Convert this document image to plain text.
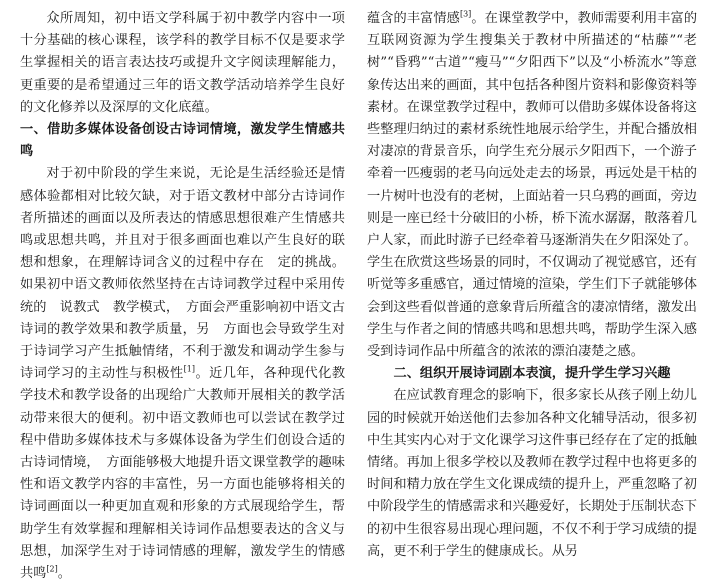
众所周知，初中语文学科属于初中教学内容中一项十分基础的核心课程，该学科的教学目标不仅是要求学生掌握相关的语言表达技巧或提升文字阅读理解能力，更重要的是希望通过三年的语文教学活动培养学生良好的文化修养以及深厚的文化底蕴。

一、借助多媒体设备创设古诗词情境，激发学生情感共鸣

对于初中阶段的学生来说，无论是生活经验还是情感体验都相对比较欠缺，对于语文教材中部分古诗词作者所描述的画面以及所表达的情感思想很难产生情感共鸣或思想共鸣，并且对于很多画面也难以产生良好的联想和想象，在理解诗词含义的过程中存在　定的挑战。如果初中语文教师依然坚持在古诗词教学过程中采用传统的　说教式　教学模式，　方面会严重影响初中语文古诗词的教学效果和教学质量，另　方面也会导致学生对于诗词学习产生抵触情绪，不利于激发和调动学生参与诗词学习的主动性与积极性[1]。近几年，各种现代化教学技术和教学设备的出现给广大教师开展相关的教学活动带来很大的便利。初中语文教师也可以尝试在教学过程中借助多媒体技术与多媒体设备为学生们创设合适的古诗词情境，　方面能够极大地提升语文课堂教学的趣味性和语文教学内容的丰富性，另一方面也能够将相关的诗词画面以一种更加直观和形象的方式展现给学生，帮助学生有效掌握和理解相关诗词作品想要表达的含义与思想，加深学生对于诗词情感的理解，激发学生的情感共鸣[2]。

蕴含的丰富情感[3]。在课堂教学中，教师需要利用丰富的互联网资源为学生搜集关于教材中所描述的“枯藤”“老树”“昏鸦”“古道”“瘦马”“夕阳西下”以及“小桥流水”等意象传达出来的画面，其中包括各种图片资料和影像资料等素材。在课堂教学过程中，教师可以借助多媒体设备将这些整理归纳过的素材系统性地展示给学生，并配合播放相对凄凉的背景音乐，向学生充分展示夕阳西下，一个游子牵着一匹瘦弱的老马向远处走去的场景，再远处是干枯的一片树叶也没有的老树，上面站着一只乌鸦的画面，旁边则是一座已经十分破旧的小桥，桥下流水潺潺，散落着几户人家，而此时游子已经牵着马逐渐消失在夕阳深处了。学生在欣赏这些场景的同时，不仅调动了视觉感官，还有听觉等多重感官，通过情境的渲染，学生们下子就能够体会到这些看似普通的意象背后所蕴含的凄凉情绪，激发出学生与作者之间的情感共鸣和思想共鸣，帮助学生深入感受到诗词作品中所蕴含的浓浓的漂泊凄楚之感。

二、组织开展诗词剧本表演，提升学生学习兴趣

在应试教育理念的影响下，很多家长从孩子刚上幼儿园的时候就开始送他们去参加各种文化辅导活动，很多初中生其实内心对于文化课学习这件事已经存在了定的抵触情绪。再加上很多学校以及教师在教学过程中也将更多的时间和精力放在学生文化课成绩的提升上，严重忽略了初中阶段学生的情感需求和兴趣爱好，长期处于压制状态下的初中生很容易出现心理问题，不仅不利于学习成绩的提高，更不利于学生的健康成长。从另
